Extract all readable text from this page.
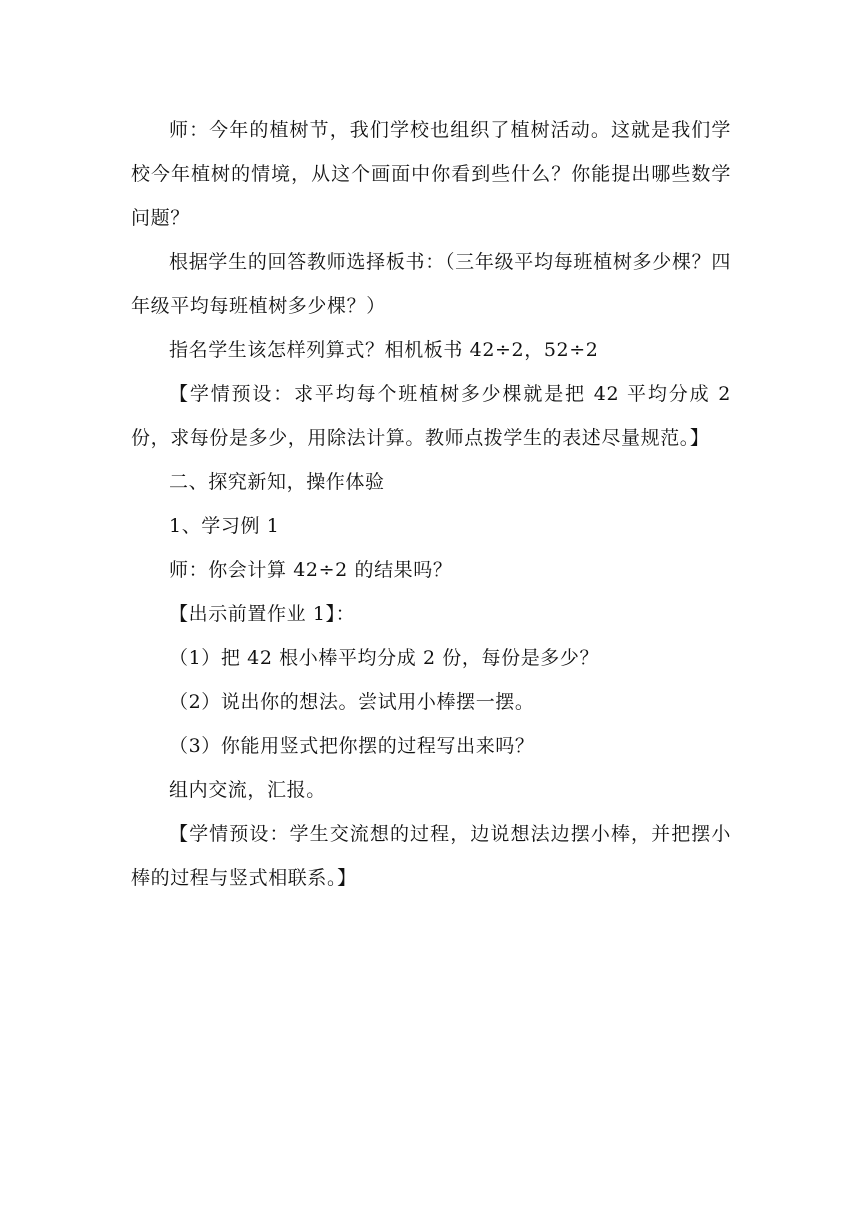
师：今年的植树节，我们学校也组织了植树活动。这就是我们学校今年植树的情境，从这个画面中你看到些什么？你能提出哪些数学问题？

根据学生的回答教师选择板书：（三年级平均每班植树多少棵？四年级平均每班植树多少棵？）

指名学生该怎样列算式？相机板书 42÷2，52÷2

【学情预设：求平均每个班植树多少棵就是把 42 平均分成 2 份，求每份是多少，用除法计算。教师点拨学生的表述尽量规范。】

二、探究新知，操作体验

1、学习例 1

师：你会计算 42÷2 的结果吗？

【出示前置作业 1】：

（1）把 42 根小棒平均分成 2 份，每份是多少？

（2）说出你的想法。尝试用小棒摆一摆。

（3）你能用竖式把你摆的过程写出来吗？

组内交流，汇报。

【学情预设：学生交流想的过程，边说想法边摆小棒，并把摆小棒的过程与竖式相联系。】
